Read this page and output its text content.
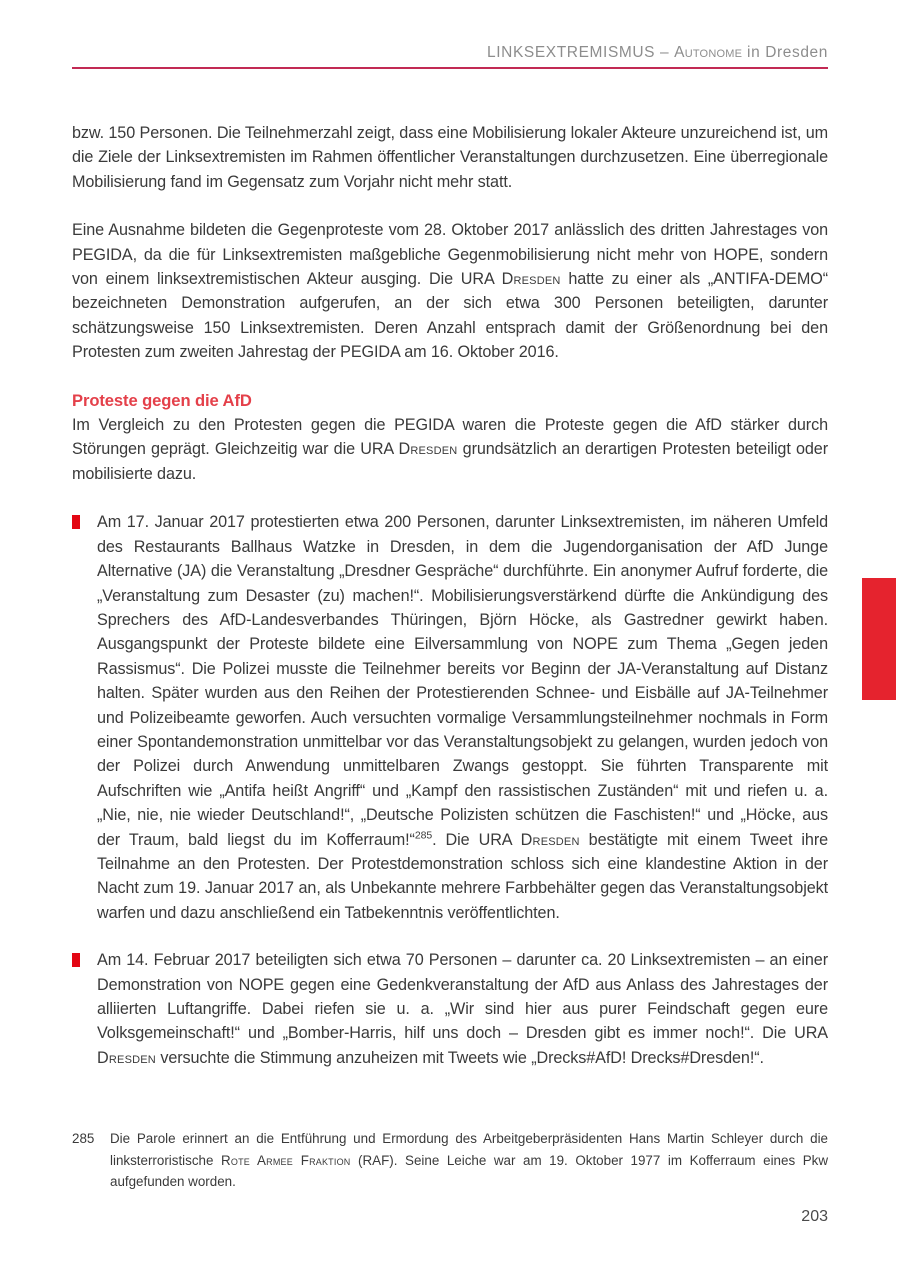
LINKSEXTREMISMUS – Autonome in Dresden

bzw. 150 Personen. Die Teilnehmerzahl zeigt, dass eine Mobilisierung lokaler Akteure unzureichend ist, um die Ziele der Linksextremisten im Rahmen öffentlicher Veranstaltungen durchzusetzen. Eine überregionale Mobilisierung fand im Gegensatz zum Vorjahr nicht mehr statt.

Eine Ausnahme bildeten die Gegenproteste vom 28. Oktober 2017 anlässlich des dritten Jahrestages von PEGIDA, da die für Linksextremisten maßgebliche Gegenmobilisierung nicht mehr von HOPE, sondern von einem linksextremistischen Akteur ausging. Die URA Dresden hatte zu einer als „ANTIFA-DEMO“ bezeichneten Demonstration aufgerufen, an der sich etwa 300 Personen beteiligten, darunter schätzungsweise 150 Linksextremisten. Deren Anzahl entsprach damit der Größenordnung bei den Protesten zum zweiten Jahrestag der PEGIDA am 16. Oktober 2016.

Proteste gegen die AfD

Im Vergleich zu den Protesten gegen die PEGIDA waren die Proteste gegen die AfD stärker durch Störungen geprägt. Gleichzeitig war die URA Dresden grundsätzlich an derartigen Protesten beteiligt oder mobilisierte dazu.

Am 17. Januar 2017 protestierten etwa 200 Personen, darunter Linksextremisten, im näheren Umfeld des Restaurants Ballhaus Watzke in Dresden, in dem die Jugendorganisation der AfD Junge Alternative (JA) die Veranstaltung „Dresdner Gespräche“ durchführte. Ein anonymer Aufruf forderte, die „Veranstaltung zum Desaster (zu) machen!“. Mobilisierungsverstärkend dürfte die Ankündigung des Sprechers des AfD-Landesverbandes Thüringen, Björn Höcke, als Gastredner gewirkt haben. Ausgangspunkt der Proteste bildete eine Eilversammlung von NOPE zum Thema „Gegen jeden Rassismus“. Die Polizei musste die Teilnehmer bereits vor Beginn der JA-Veranstaltung auf Distanz halten. Später wurden aus den Reihen der Protestierenden Schnee- und Eisbälle auf JA-Teilnehmer und Polizeibeamte geworfen. Auch versuchten vormalige Versammlungsteilnehmer nochmals in Form einer Spontandemonstration unmittelbar vor das Veranstaltungsobjekt zu gelangen, wurden jedoch von der Polizei durch Anwendung unmittelbaren Zwangs gestoppt. Sie führten Transparente mit Aufschriften wie „Antifa heißt Angriff“ und „Kampf den rassistischen Zuständen“ mit und riefen u. a. „Nie, nie, nie wieder Deutschland!“, „Deutsche Polizisten schützen die Faschisten!“ und „Höcke, aus der Traum, bald liegst du im Kofferraum!“$^{285}$. Die URA Dresden bestätigte mit einem Tweet ihre Teilnahme an den Protesten. Der Protestdemonstration schloss sich eine klandestine Aktion in der Nacht zum 19. Januar 2017 an, als Unbekannte mehrere Farbbehälter gegen das Veranstaltungsobjekt warfen und dazu anschließend ein Tatbekenntnis veröffentlichten.
Am 14. Februar 2017 beteiligten sich etwa 70 Personen – darunter ca. 20 Linksextremisten – an einer Demonstration von NOPE gegen eine Gedenkveranstaltung der AfD aus Anlass des Jahrestages der alliierten Luftangriffe. Dabei riefen sie u. a. „Wir sind hier aus purer Feindschaft gegen eure Volksgemeinschaft!“ und „Bomber-Harris, hilf uns doch – Dresden gibt es immer noch!“. Die URA Dresden versuchte die Stimmung anzuheizen mit Tweets wie „Drecks#AfD! Drecks#Dresden!“.
285	Die Parole erinnert an die Entführung und Ermordung des Arbeitgeberpräsidenten Hans Martin Schleyer durch die linksterroristische Rote Armee Fraktion (RAF). Seine Leiche war am 19. Oktober 1977 im Kofferraum eines Pkw aufgefunden worden.
203
